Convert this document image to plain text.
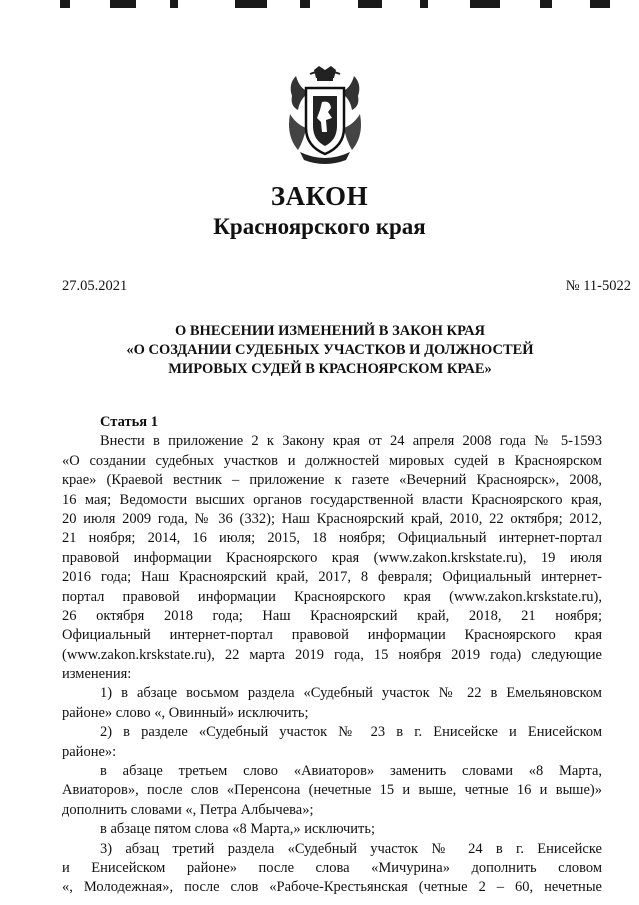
ЗАКОН
Красноярского края
27.05.2021	№ 11-5022
О ВНЕСЕНИИ ИЗМЕНЕНИЙ В ЗАКОН КРАЯ
«О СОЗДАНИИ СУДЕБНЫХ УЧАСТКОВ И ДОЛЖНОСТЕЙ
МИРОВЫХ СУДЕЙ В КРАСНОЯРСКОМ КРАЕ»
Статья 1
Внести в приложение 2 к Закону края от 24 апреля 2008 года № 5-1593
«О создании судебных участков и должностей мировых судей в Красноярском
крае» (Краевой вестник – приложение к газете «Вечерний Красноярск», 2008,
16 мая; Ведомости высших органов государственной власти Красноярского края,
20 июля 2009 года, № 36 (332); Наш Красноярский край, 2010, 22 октября; 2012,
21 ноября; 2014, 16 июля; 2015, 18 ноября; Официальный интернет-портал
правовой информации Красноярского края (www.zakon.krskstate.ru), 19 июля
2016 года; Наш Красноярский край, 2017, 8 февраля; Официальный интернет-
портал правовой информации Красноярского края (www.zakon.krskstate.ru),
26 октября 2018 года; Наш Красноярский край, 2018, 21 ноября;
Официальный интернет-портал правовой информации Красноярского края
(www.zakon.krskstate.ru), 22 марта 2019 года, 15 ноября 2019 года) следующие
изменения:
1) в абзаце восьмом раздела «Судебный участок № 22 в Емельяновском
районе» слово «, Овинный» исключить;
2) в разделе «Судебный участок № 23 в г. Енисейске и Енисейском
районе»:
в абзаце третьем слово «Авиаторов» заменить словами «8 Марта,
Авиаторов», после слов «Перенсона (нечетные 15 и выше, четные 16 и выше)»
дополнить словами «, Петра Албычева»;
в абзаце пятом слова «8 Марта,» исключить;
3) абзац третий раздела «Судебный участок № 24 в г. Енисейске
и Енисейском районе» после слова «Мичурина» дополнить словом
«, Молодежная», после слов «Рабоче-Крестьянская (четные 2 – 60, нечетные
